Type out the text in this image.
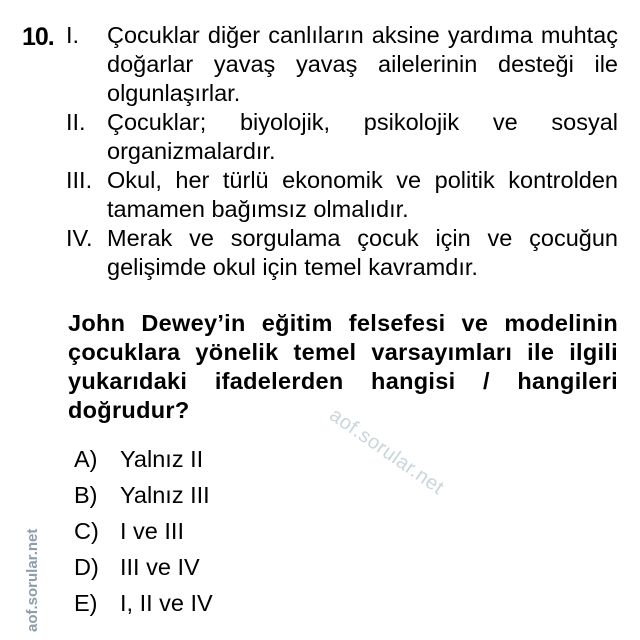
10. I. Çocuklar diğer canlıların aksine yardıma muhtaç doğarlar yavaş yavaş ailelerinin desteği ile olgunlaşırlar.
II. Çocuklar; biyolojik, psikolojik ve sosyal organizmalardır.
III. Okul, her türlü ekonomik ve politik kontrolden tamamen bağımsız olmalıdır.
IV. Merak ve sorgulama çocuk için ve çocuğun gelişimde okul için temel kavramdır.
John Dewey’in eğitim felsefesi ve modelinin çocuklara yönelik temel varsayımları ile ilgili yukarıdaki ifadelerden hangisi / hangileri doğrudur?
A) Yalnız II
B) Yalnız III
C) I ve III
D) III ve IV
E) I, II ve IV
aof.sorular.net
aof.sorular.net
